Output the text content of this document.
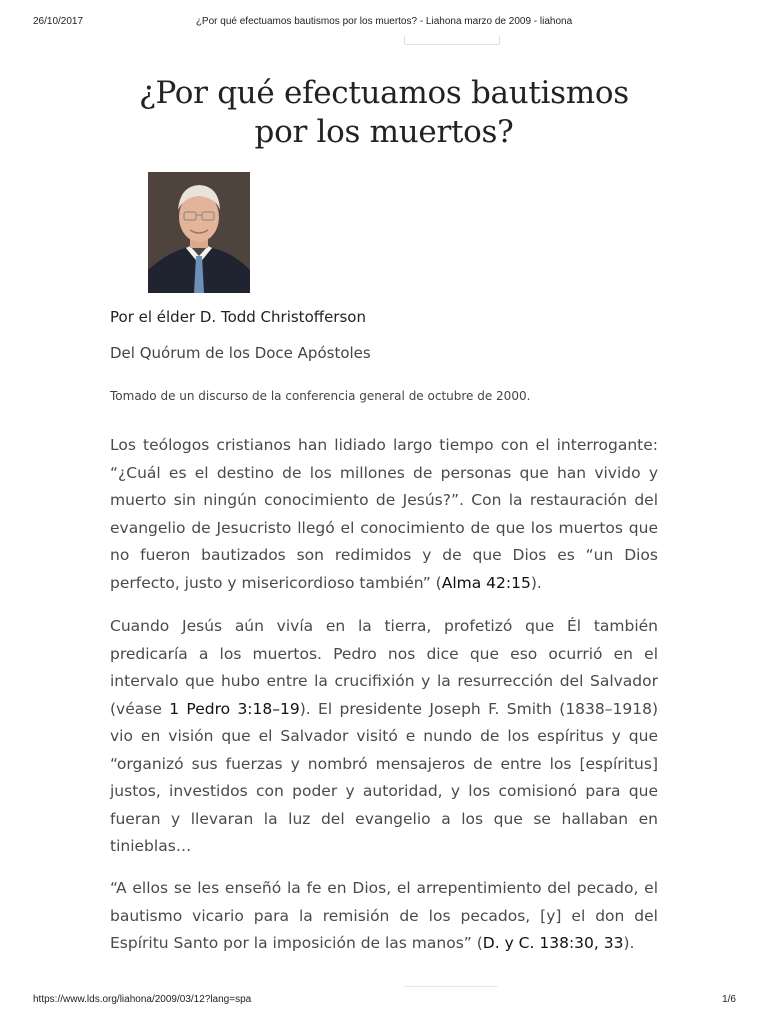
26/10/2017	¿Por qué efectuamos bautismos por los muertos? - Liahona marzo de 2009 - liahona
¿Por qué efectuamos bautismos por los muertos?
Por el élder D. Todd Christofferson
Del Quórum de los Doce Apóstoles
Tomado de un discurso de la conferencia general de octubre de 2000.

Los teólogos cristianos han lidiado largo tiempo con el interrogante: “¿Cuál es el destino de los millones de personas que han vivido y muerto sin ningún conocimiento de Jesús?”. Con la restauración del evangelio de Jesucristo llegó el conocimiento de que los muertos que no fueron bautizados son redimidos y de que Dios es “un Dios perfecto, justo y misericordioso también” (Alma 42:15).

Cuando Jesús aún vivía en la tierra, profetizó que Él también predicaría a los muertos. Pedro nos dice que eso ocurrió en el intervalo que hubo entre la crucifixión y la resurrección del Salvador (véase 1 Pedro 3:18–19). El presidente Joseph F. Smith (1838–1918) vio en visión que el Salvador visitó e nundo de los espíritus y que “organizó sus fuerzas y nombró mensajeros de entre los [espíritus] justos, investidos con poder y autoridad, y los comisionó para que fueran y llevaran la luz del evangelio a los que se hallaban en tinieblas…

“A ellos se les enseñó la fe en Dios, el arrepentimiento del pecado, el bautismo vicario para la remisión de los pecados, [y] el don del Espíritu Santo por la imposición de las manos” (D. y C. 138:30, 33).

https://www.lds.org/liahona/2009/03/12?lang=spa	1/6
